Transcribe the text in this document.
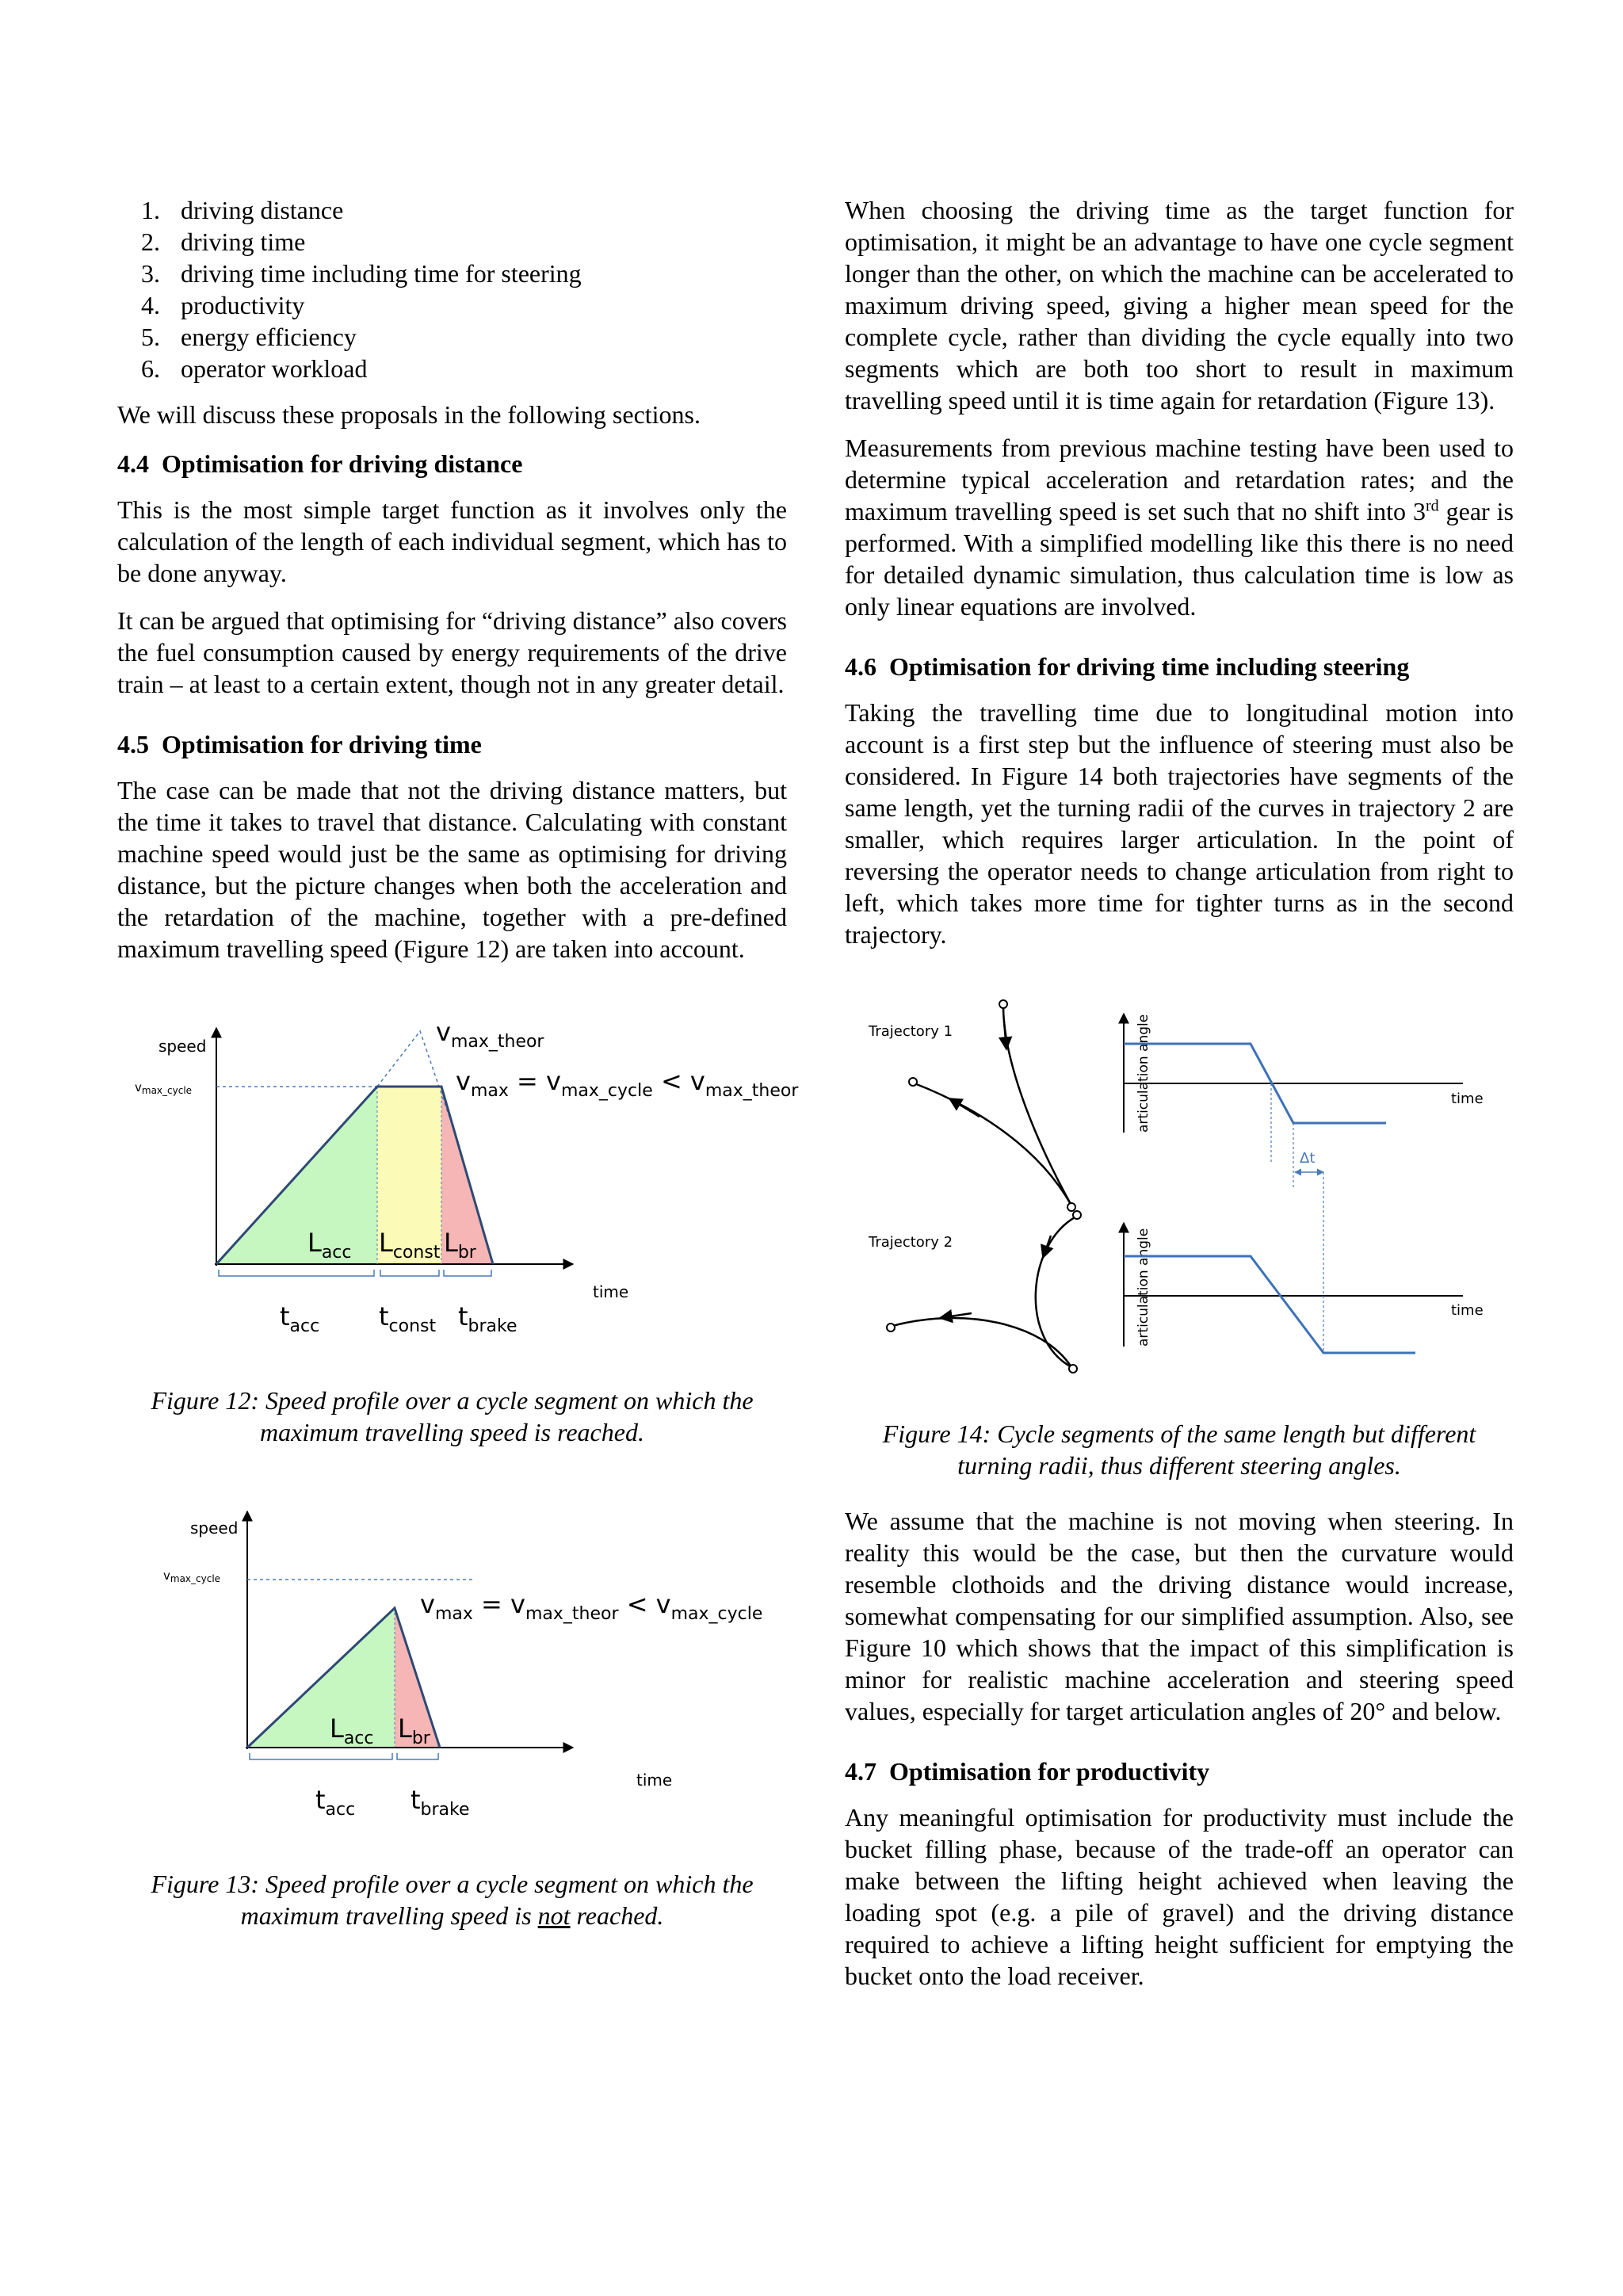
1. driving distance
2. driving time
3. driving time including time for steering
4. productivity
5. energy efficiency
6. operator workload

We will discuss these proposals in the following sections.

4.4 Optimisation for driving distance

This is the most simple target function as it involves only the calculation of the length of each individual segment, which has to be done anyway.

It can be argued that optimising for “driving distance” also covers the fuel consumption caused by energy requirements of the drive train – at least to a certain extent, though not in any greater detail.

4.5 Optimisation for driving time

The case can be made that not the driving distance matters, but the time it takes to travel that distance. Calculating with constant machine speed would just be the same as optimising for driving distance, but the picture changes when both the acceleration and the retardation of the machine, together with a pre-defined maximum travelling speed (Figure 12) are taken into account.

speed
time
$v_{max\_cycle}$
$v_{max\_theor}$
$v_{max} = v_{max\_cycle} < v_{max\_theor}$
$L_{acc}$ $L_{const}$ $L_{br}$
$t_{acc}$ $t_{const}$ $t_{brake}$

Figure 12: Speed profile over a cycle segment on which the maximum travelling speed is reached.

speed
time
$v_{max\_cycle}$
$v_{max} = v_{max\_theor} < v_{max\_cycle}$
$L_{acc}$ $L_{br}$
$t_{acc}$ $t_{brake}$

Figure 13: Speed profile over a cycle segment on which the maximum travelling speed is not reached.

When choosing the driving time as the target function for optimisation, it might be an advantage to have one cycle segment longer than the other, on which the machine can be accelerated to maximum driving speed, giving a higher mean speed for the complete cycle, rather than dividing the cycle equally into two segments which are both too short to result in maximum travelling speed until it is time again for retardation (Figure 13).

Measurements from previous machine testing have been used to determine typical acceleration and retardation rates; and the maximum travelling speed is set such that no shift into 3rd gear is performed. With a simplified modelling like this there is no need for detailed dynamic simulation, thus calculation time is low as only linear equations are involved.

4.6 Optimisation for driving time including steering

Taking the travelling time due to longitudinal motion into account is a first step but the influence of steering must also be considered. In Figure 14 both trajectories have segments of the same length, yet the turning radii of the curves in trajectory 2 are smaller, which requires larger articulation. In the point of reversing the operator needs to change articulation from right to left, which takes more time for tighter turns as in the second trajectory.

Trajectory 1	articulation angle	time
Δt
Trajectory 2	articulation angle	time

Figure 14: Cycle segments of the same length but different turning radii, thus different steering angles.

We assume that the machine is not moving when steering. In reality this would be the case, but then the curvature would resemble clothoids and the driving distance would increase, somewhat compensating for our simplified assumption. Also, see Figure 10 which shows that the impact of this simplification is minor for realistic machine acceleration and steering speed values, especially for target articulation angles of 20° and below.

4.7 Optimisation for productivity

Any meaningful optimisation for productivity must include the bucket filling phase, because of the trade-off an operator can make between the lifting height achieved when leaving the loading spot (e.g. a pile of gravel) and the driving distance required to achieve a lifting height sufficient for emptying the bucket onto the load receiver.
